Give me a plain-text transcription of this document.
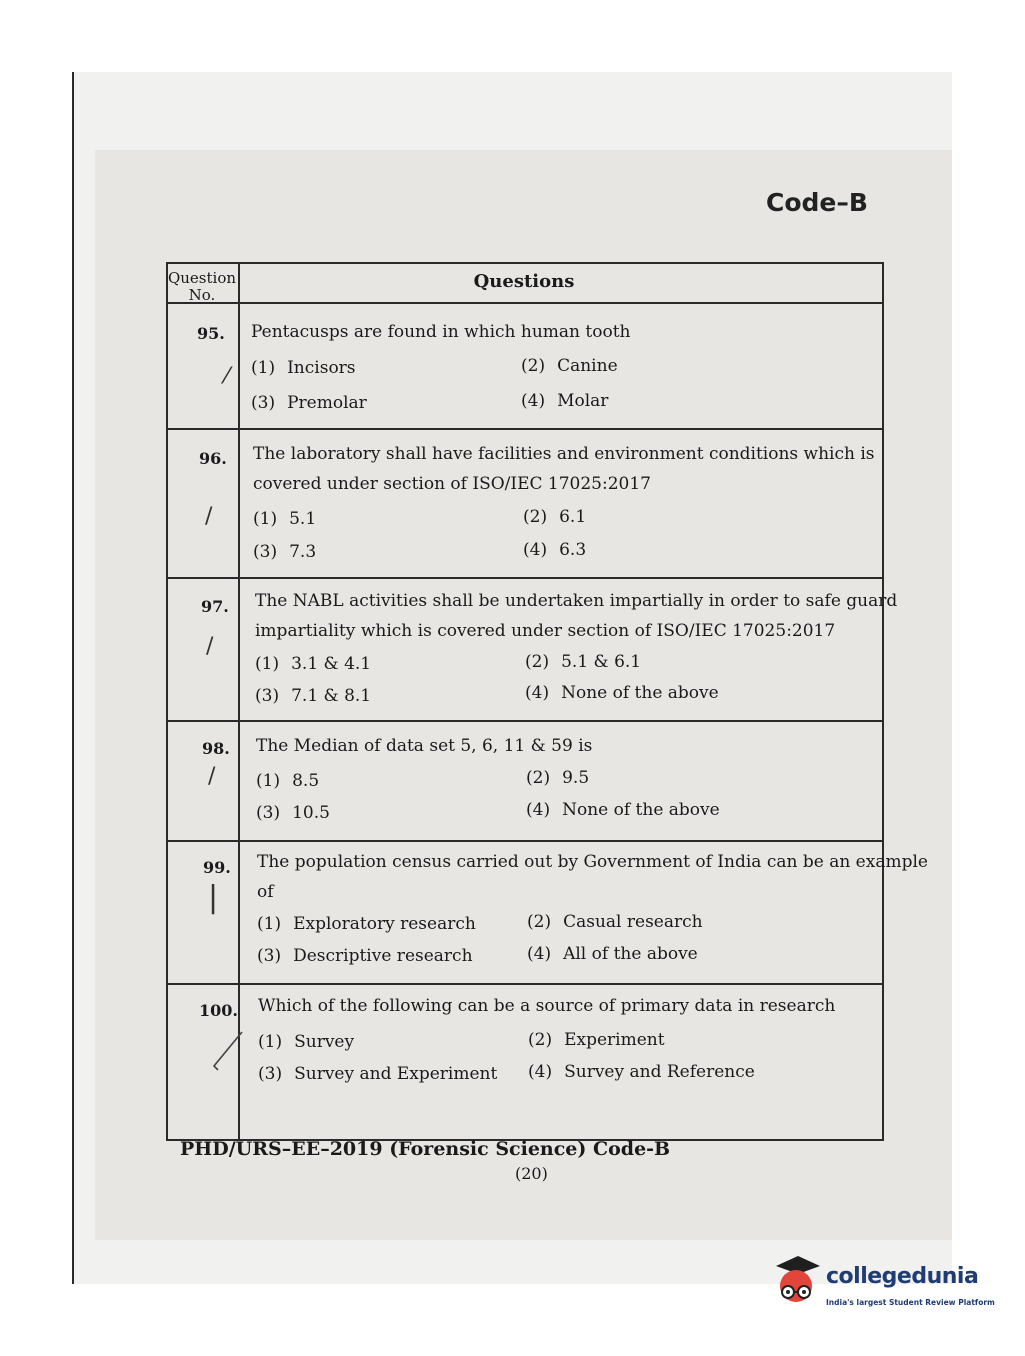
Code–B
Question
No.
Questions
95. Pentacusps are found in which human tooth
(1) Incisors	(2) Canine
(3) Premolar	(4) Molar
⁄
96. The laboratory shall have facilities and environment conditions which is
covered under section of ISO/IEC 17025:2017
(1) 5.1	(2) 6.1
(3) 7.3	(4) 6.3
/
97. The NABL activities shall be undertaken impartially in order to safe guard
impartiality which is covered under section of ISO/IEC 17025:2017
(1) 3.1 & 4.1	(2) 5.1 & 6.1
(3) 7.1 & 8.1	(4) None of the above
/
98. The Median of data set 5, 6, 11 & 59 is
(1) 8.5	(2) 9.5
(3) 10.5	(4) None of the above
/
99. The population census carried out by Government of India can be an example
of
(1) Exploratory research	(2) Casual research
(3) Descriptive research	(4) All of the above
|
100. Which of the following can be a source of primary data in research
(1) Survey	(2) Experiment
(3) Survey and Experiment (4) Survey and Reference
PHD/URS–EE–2019 (Forensic Science) Code-B
(20)
collegedunia
India's largest Student Review Platform
